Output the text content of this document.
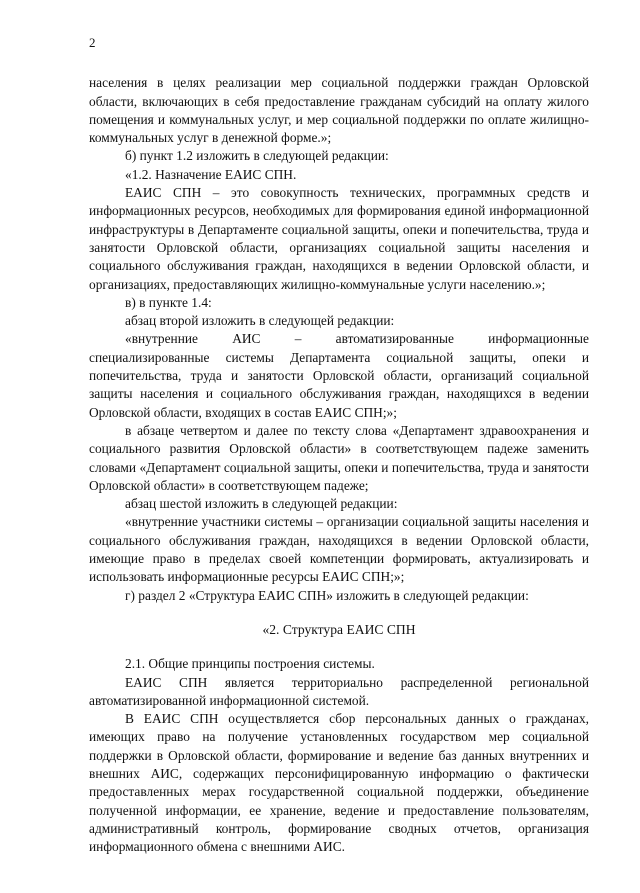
2

населения в целях реализации мер социальной поддержки граждан Орловской области, включающих в себя предоставление гражданам субсидий на оплату жилого помещения и коммунальных услуг, и мер социальной поддержки по оплате жилищно-коммунальных услуг в денежной форме.»;

б) пункт 1.2 изложить в следующей редакции:

«1.2. Назначение ЕАИС СПН.

ЕАИС СПН – это совокупность технических, программных средств и информационных ресурсов, необходимых для формирования единой информационной инфраструктуры в Департаменте социальной защиты, опеки и попечительства, труда и занятости Орловской области, организациях социальной защиты населения и социального обслуживания граждан, находящихся в ведении Орловской области, и организациях, предоставляющих жилищно-коммунальные услуги населению.»;

в) в пункте 1.4:

абзац второй изложить в следующей редакции:

«внутренние АИС – автоматизированные информационные специализированные системы Департамента социальной защиты, опеки и попечительства, труда и занятости Орловской области, организаций социальной защиты населения и социального обслуживания граждан, находящихся в ведении Орловской области, входящих в состав ЕАИС СПН;»;

в абзаце четвертом и далее по тексту слова «Департамент здравоохранения и социального развития Орловской области» в соответствующем падеже заменить словами «Департамент социальной защиты, опеки и попечительства, труда и занятости Орловской области» в соответствующем падеже;

абзац шестой изложить в следующей редакции:

«внутренние участники системы – организации социальной защиты населения и социального обслуживания граждан, находящихся в ведении Орловской области, имеющие право в пределах своей компетенции формировать, актуализировать и использовать информационные ресурсы ЕАИС СПН;»;

г) раздел 2 «Структура ЕАИС СПН» изложить в следующей редакции:

«2. Структура ЕАИС СПН

2.1. Общие принципы построения системы.

ЕАИС СПН является территориально распределенной региональной автоматизированной информационной системой.

В ЕАИС СПН осуществляется сбор персональных данных о гражданах, имеющих право на получение установленных государством мер социальной поддержки в Орловской области, формирование и ведение баз данных внутренних и внешних АИС, содержащих персонифицированную информацию о фактически предоставленных мерах государственной социальной поддержки, объединение полученной информации, ее хранение, ведение и предоставление пользователям, административный контроль, формирование сводных отчетов, организация информационного обмена с внешними АИС.
